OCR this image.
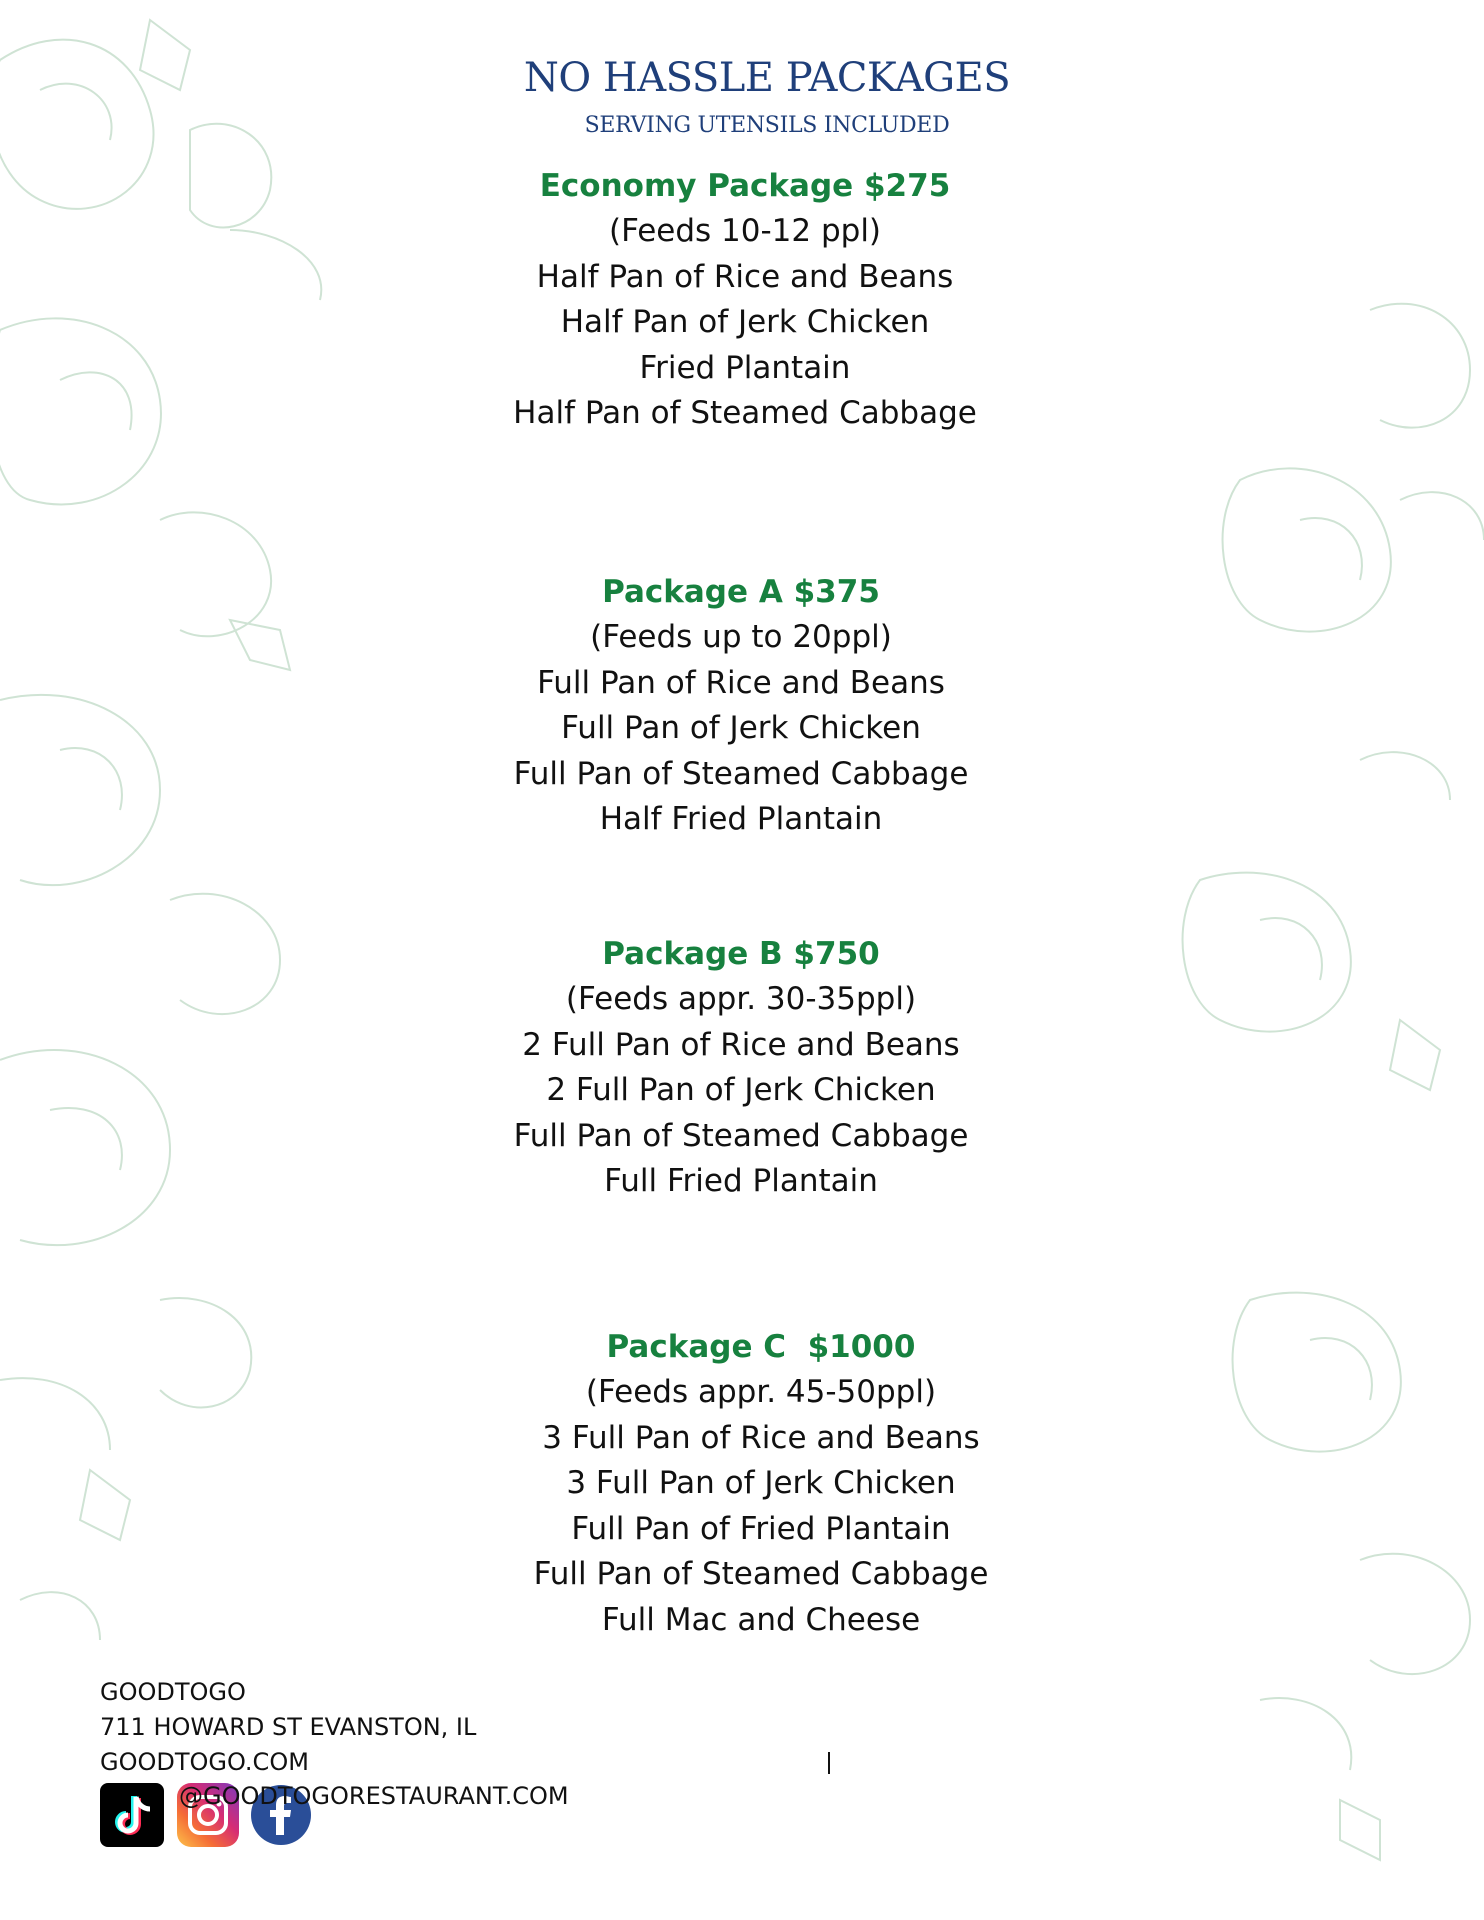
NO HASSLE PACKAGES
SERVING UTENSILS INCLUDED
Economy Package $275
(Feeds 10-12 ppl)
Half Pan of Rice and Beans
Half Pan of Jerk Chicken
Fried Plantain
Half Pan of Steamed Cabbage
Package A $375
(Feeds up to 20ppl)
Full Pan of Rice and Beans
Full Pan of Jerk Chicken
Full Pan of Steamed Cabbage
Half Fried Plantain
Package B $750
(Feeds appr. 30-35ppl)
2 Full Pan of Rice and Beans
2 Full Pan of Jerk Chicken
Full Pan of Steamed Cabbage
Full Fried Plantain
Package C  $1000
(Feeds appr. 45-50ppl)
3 Full Pan of Rice and Beans
3 Full Pan of Jerk Chicken
Full Pan of Fried Plantain
Full Pan of Steamed Cabbage
Full Mac and Cheese
GOODTOGO
711 HOWARD ST EVANSTON, IL
GOODTOGO.COM
@GOODTOGORESTAURANT.COM
